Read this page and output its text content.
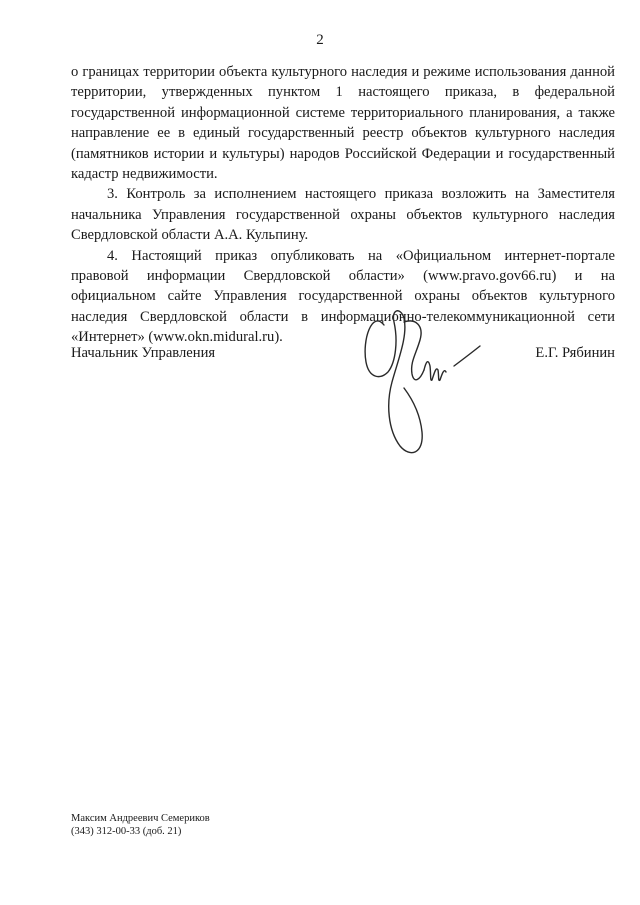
2

о границах территории объекта культурного наследия и режиме использования данной территории, утвержденных пунктом 1 настоящего приказа, в федеральной государственной информационной системе территориального планирования, а также направление ее в единый государственный реестр объектов культурного наследия (памятников истории и культуры) народов Российской Федерации и государственный кадастр недвижимости.

3. Контроль за исполнением настоящего приказа возложить на Заместителя начальника Управления государственной охраны объектов культурного наследия Свердловской области А.А. Кульпину.

4. Настоящий приказ опубликовать на «Официальном интернет-портале правовой информации Свердловской области» (www.pravo.gov66.ru) и на официальном сайте Управления государственной охраны объектов культурного наследия Свердловской области в информационно-телекоммуникационной сети «Интернет» (www.okn.midural.ru).

Начальник Управления	Е.Г. Рябинин
Максим Андреевич Семериков
(343) 312-00-33 (доб. 21)
